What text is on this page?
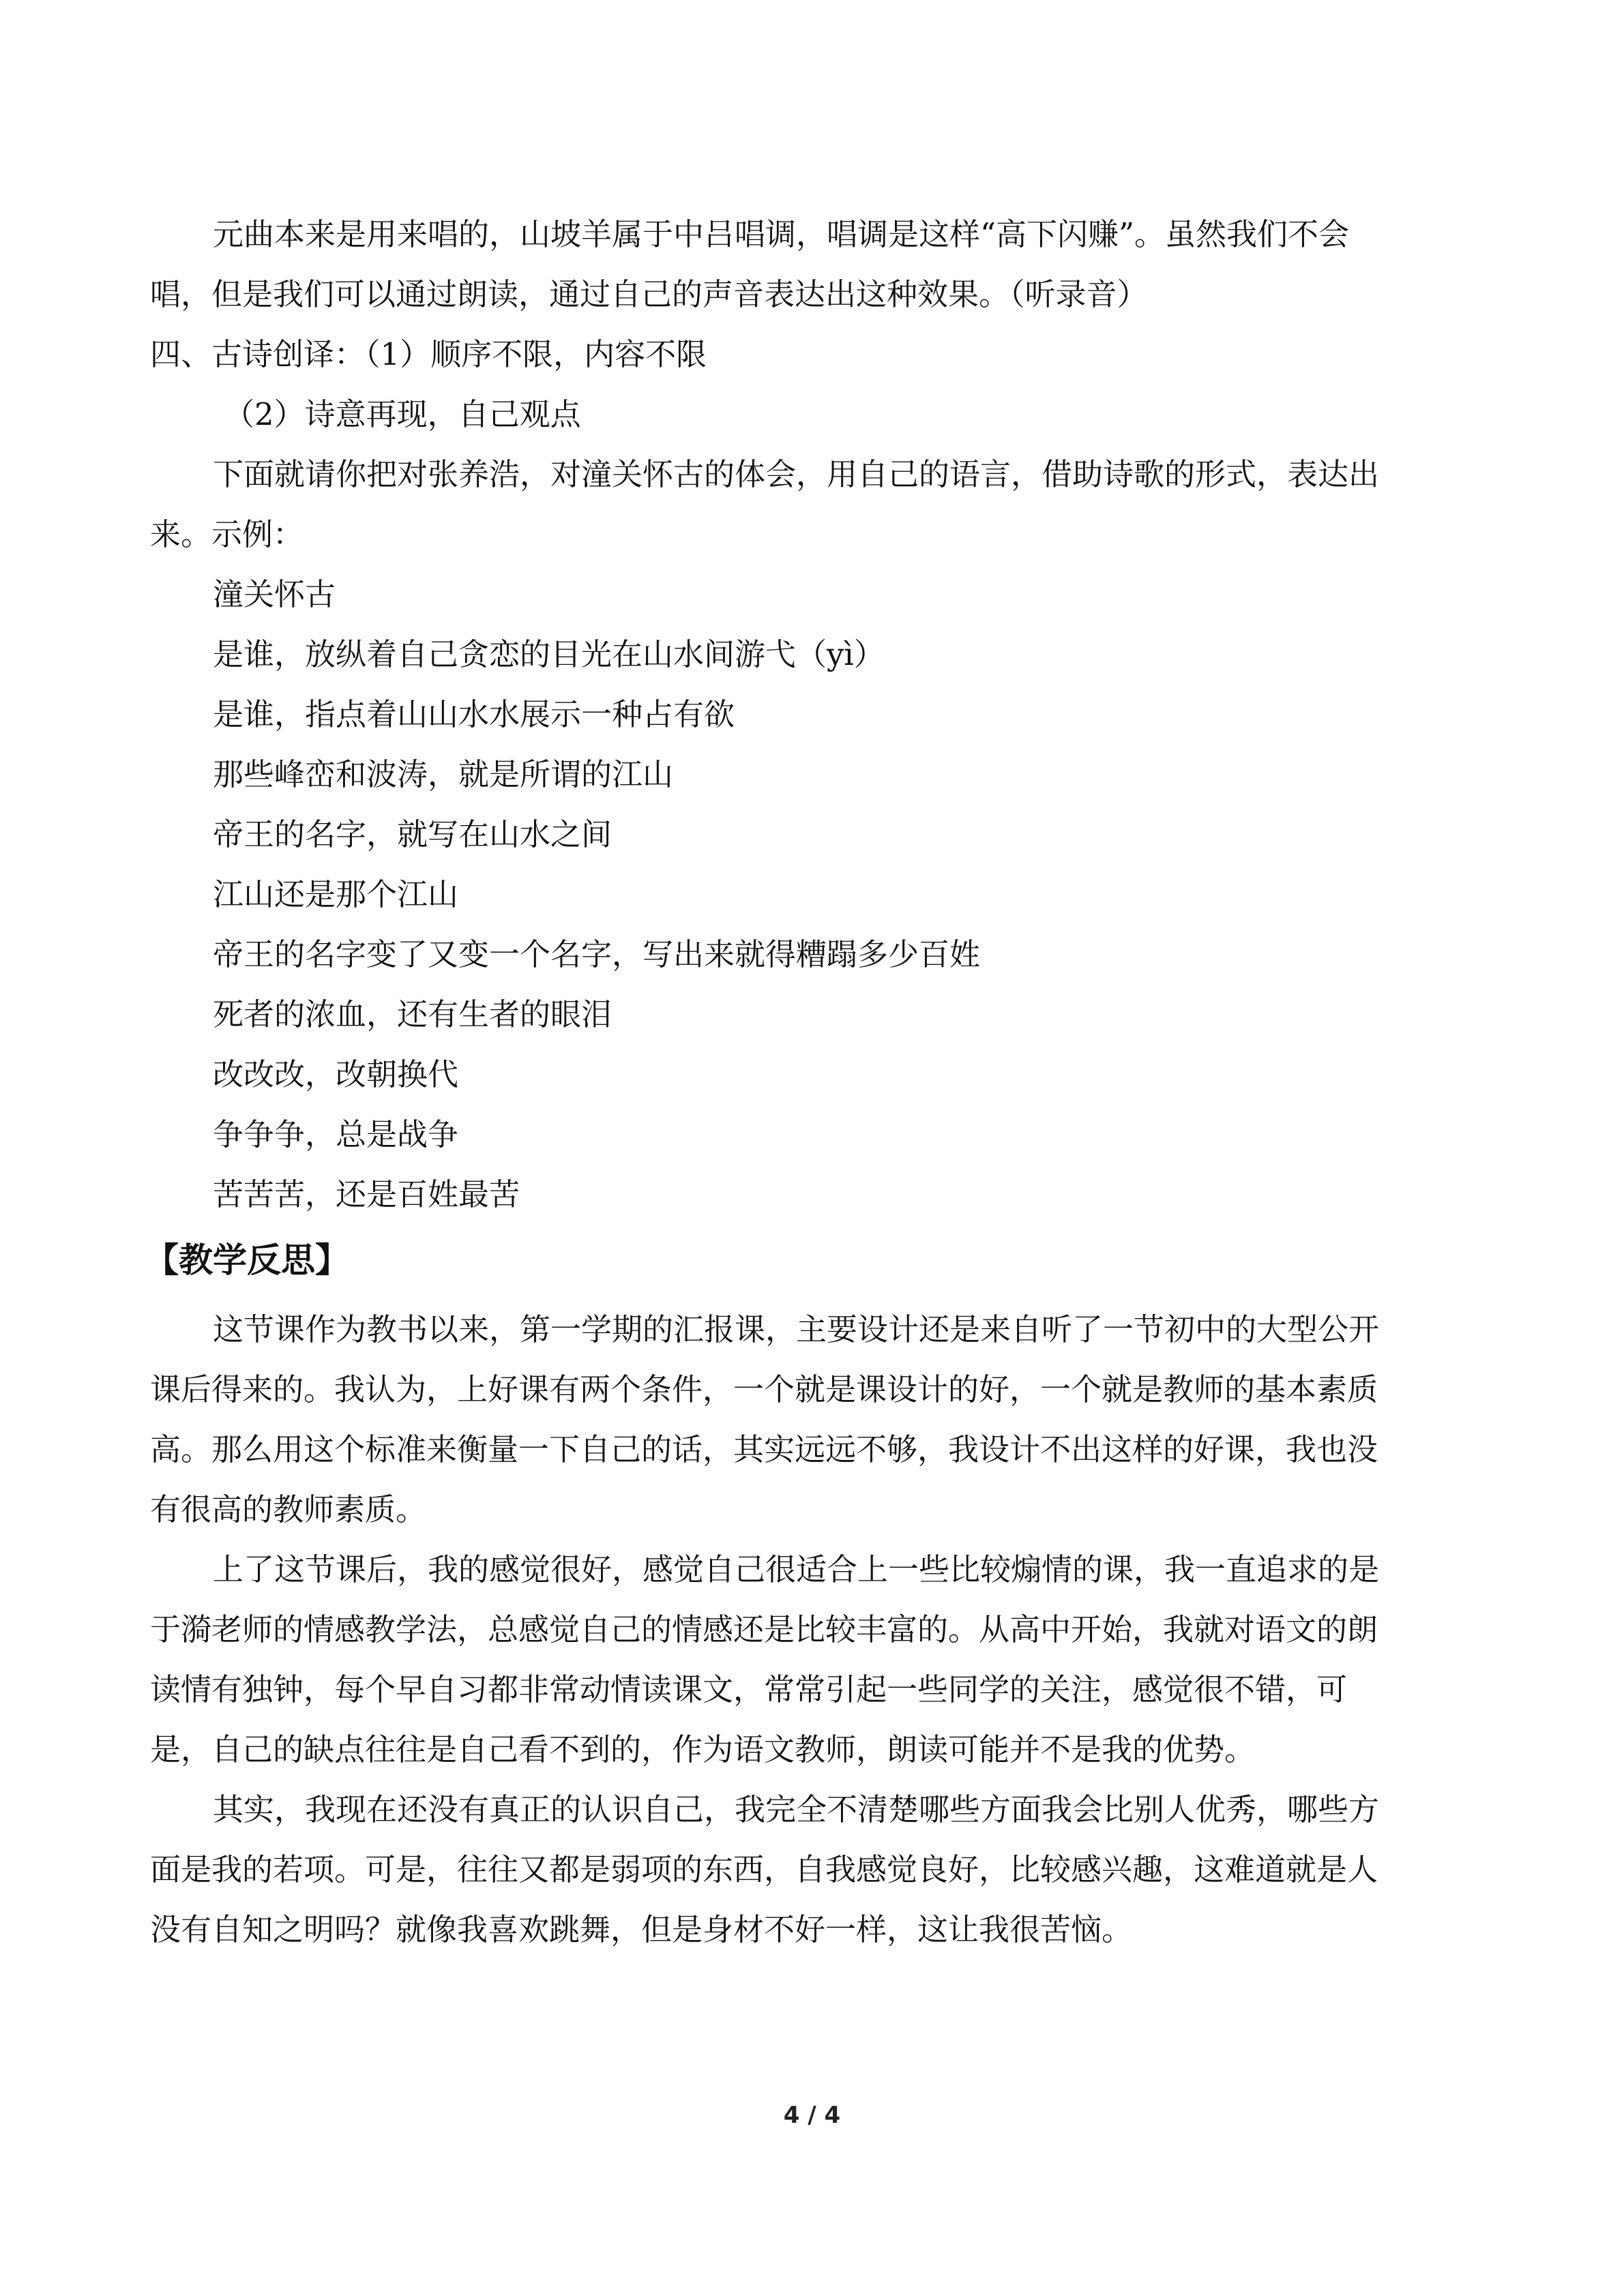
元曲本来是用来唱的，山坡羊属于中吕唱调，唱调是这样“高下闪赚”。虽然我们不会

唱，但是我们可以通过朗读，通过自己的声音表达出这种效果。（听录音）

四、古诗创译：（1）顺序不限，内容不限

（2）诗意再现，自己观点

下面就请你把对张养浩，对潼关怀古的体会，用自己的语言，借助诗歌的形式，表达出

来。示例：

潼关怀古

是谁，放纵着自己贪恋的目光在山水间游弋（yì）

是谁，指点着山山水水展示一种占有欲

那些峰峦和波涛，就是所谓的江山

帝王的名字，就写在山水之间

江山还是那个江山

帝王的名字变了又变一个名字，写出来就得糟蹋多少百姓

死者的浓血，还有生者的眼泪

改改改，改朝换代

争争争，总是战争

苦苦苦，还是百姓最苦

【教学反思】

这节课作为教书以来，第一学期的汇报课，主要设计还是来自听了一节初中的大型公开

课后得来的。我认为，上好课有两个条件，一个就是课设计的好，一个就是教师的基本素质

高。那么用这个标准来衡量一下自己的话，其实远远不够，我设计不出这样的好课，我也没

有很高的教师素质。

上了这节课后，我的感觉很好，感觉自己很适合上一些比较煽情的课，我一直追求的是

于漪老师的情感教学法，总感觉自己的情感还是比较丰富的。从高中开始，我就对语文的朗

读情有独钟，每个早自习都非常动情读课文，常常引起一些同学的关注，感觉很不错，可

是，自己的缺点往往是自己看不到的，作为语文教师，朗读可能并不是我的优势。

其实，我现在还没有真正的认识自己，我完全不清楚哪些方面我会比别人优秀，哪些方

面是我的若项。可是，往往又都是弱项的东西，自我感觉良好，比较感兴趣，这难道就是人

没有自知之明吗？就像我喜欢跳舞，但是身材不好一样，这让我很苦恼。

4 / 4
